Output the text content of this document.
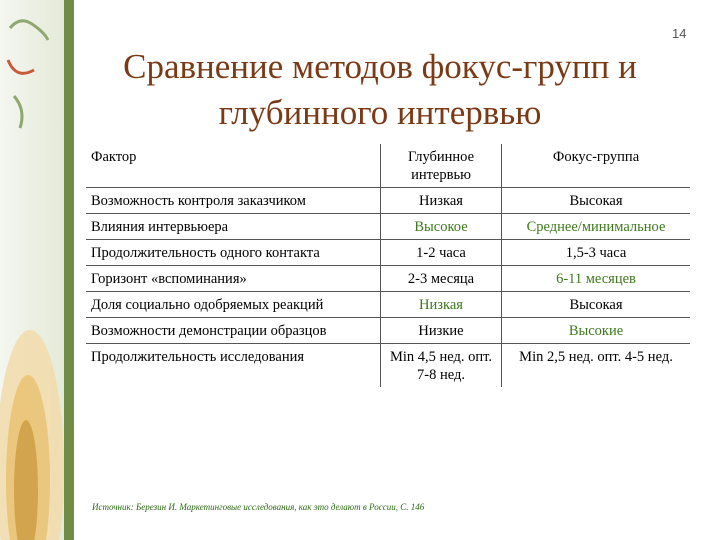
14
Сравнение методов фокус-групп и
глубинного интервью
Фактор	Глубинное интервью	Фокус-группа
Возможность контроля заказчиком	Низкая	Высокая
Влияния интервьюера	Высокое	Среднее/минимальное
Продолжительность одного контакта	1-2 часа	1,5-3 часа
Горизонт «вспоминания»	2-3 месяца	6-11 месяцев
Доля социально одобряемых реакций	Низкая	Высокая
Возможности демонстрации образцов	Низкие	Высокие
Продолжительность исследования	Min 4,5 нед. опт. 7-8 нед.	Min 2,5 нед. опт. 4-5 нед.
Источник: Березин И. Маркетинговые исследования, как это делают в России, С. 146
